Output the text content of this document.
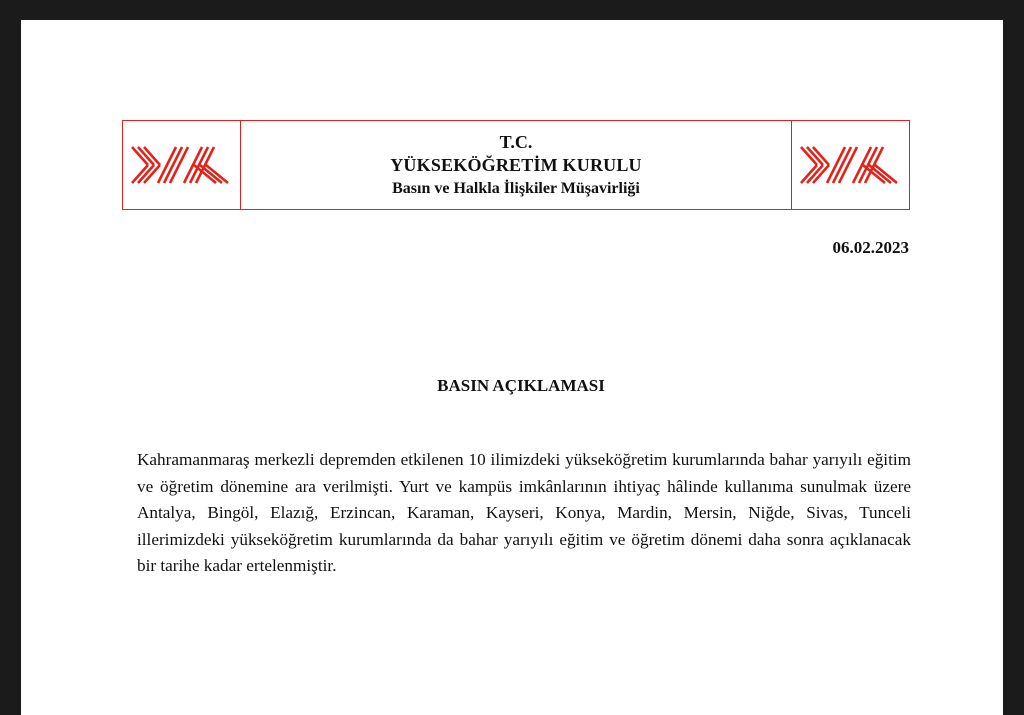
T.C.
YÜKSEKÖĞRETİM KURULU
Basın ve Halkla İlişkiler Müşavirliği
06.02.2023
BASIN AÇIKLAMASI

Kahramanmaraş merkezli depremden etkilenen 10 ilimizdeki yükseköğretim kurumlarında bahar yarıyılı eğitim ve öğretim dönemine ara verilmişti. Yurt ve kampüs imkânlarının ihtiyaç hâlinde kullanıma sunulmak üzere Antalya, Bingöl, Elazığ, Erzincan, Karaman, Kayseri, Konya, Mardin, Mersin, Niğde, Sivas, Tunceli illerimizdeki yükseköğretim kurumlarında da bahar yarıyılı eğitim ve öğretim dönemi daha sonra açıklanacak bir tarihe kadar ertelenmiştir.
